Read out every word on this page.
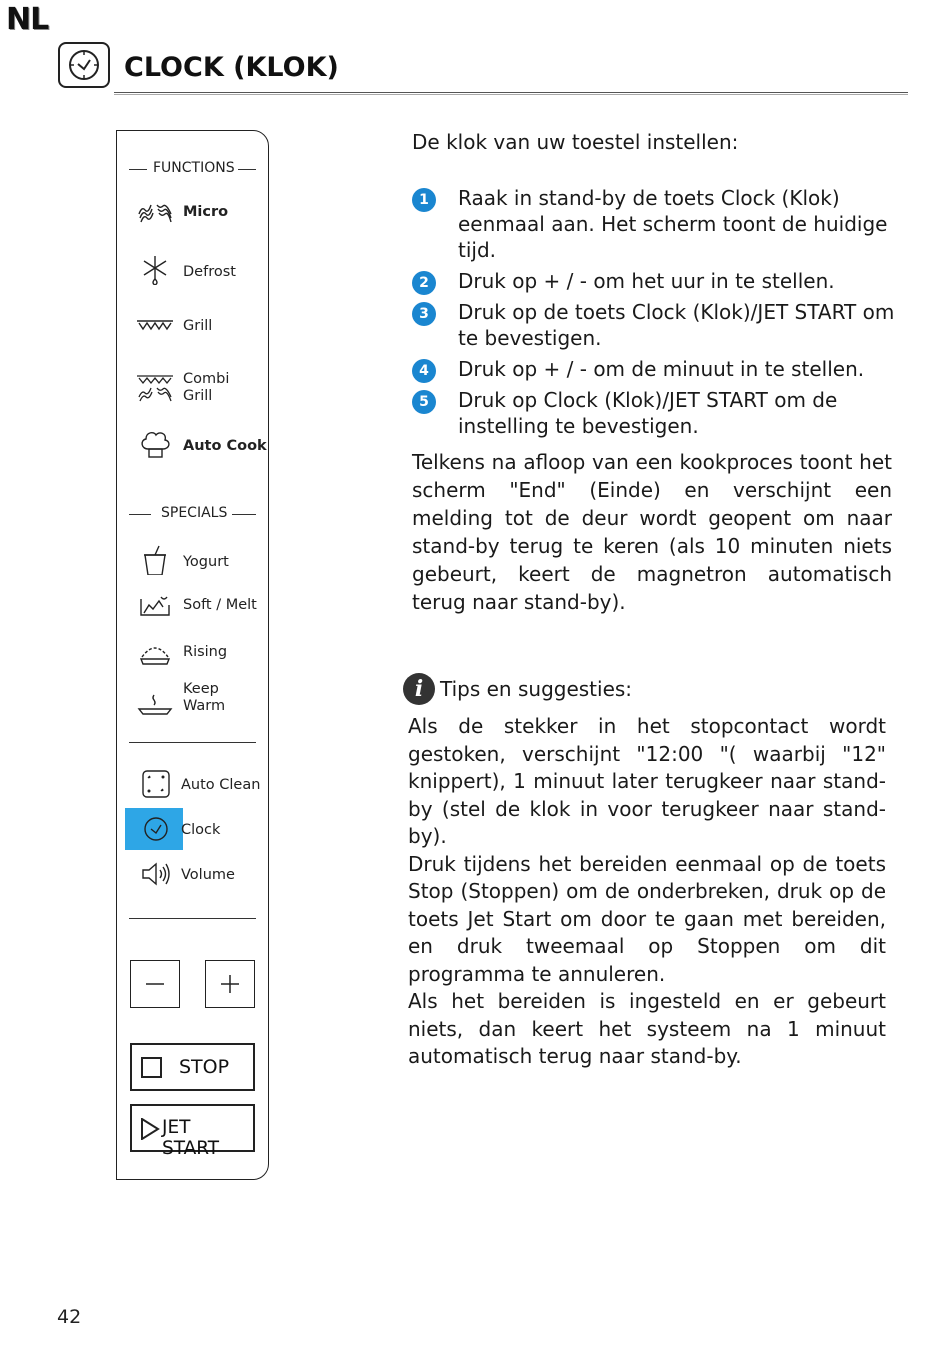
NL
CLOCK (KLOK)
FUNCTIONS
Micro
Defrost
Grill
Combi
Grill
Auto Cook
SPECIALS
Yogurt
Soft / Melt
Rising
Keep
Warm
Auto Clean
Clock
Volume
STOP
JET START
De klok van uw toestel instellen:
1	Raak in stand-by de toets Clock (Klok) eenmaal aan. Het scherm toont de huidige tijd.
2	Druk op + / - om het uur in te stellen.
3	Druk op de toets Clock (Klok)/JET START om te bevestigen.
4	Druk op + / - om de minuut in te stellen.
5	Druk op Clock (Klok)/JET START om de instelling te bevestigen.
Telkens na afloop van een kookproces toont het scherm "End" (Einde) en verschijnt een melding tot de deur wordt geopent om naar stand-by terug te keren (als 10 minuten niets gebeurt, keert de magnetron automatisch terug naar stand-by).
i Tips en suggesties:

Als de stekker in het stopcontact wordt gestoken, verschijnt "12:00 "( waarbij "12" knippert), 1 minuut later terugkeer naar stand-by (stel de klok in voor terugkeer naar stand-by).

Druk tijdens het bereiden eenmaal op de toets Stop (Stoppen) om de onderbreken, druk op de toets Jet Start om door te gaan met bereiden, en druk tweemaal op Stoppen om dit programma te annuleren.

Als het bereiden is ingesteld en er gebeurt niets, dan keert het systeem na 1 minuut automatisch terug naar stand-by.

42
